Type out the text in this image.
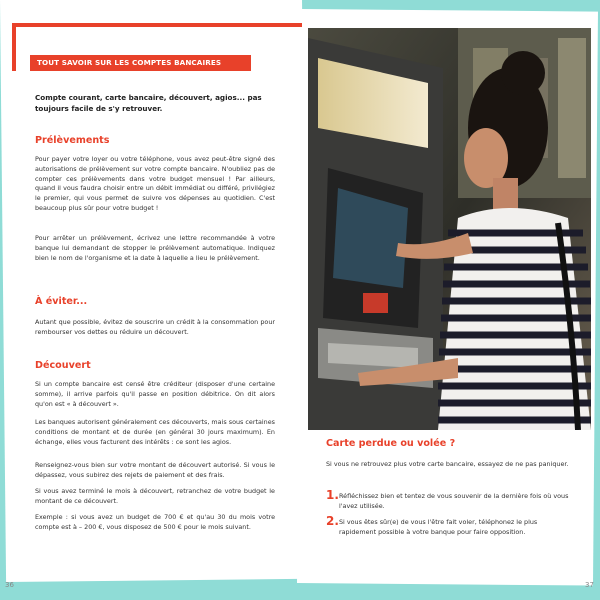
TOUT SAVOIR SUR LES COMPTES BANCAIRES
Compte courant, carte bancaire, découvert, agios... pas toujours facile de s'y retrouver.
Prélèvements

Pour payer votre loyer ou votre téléphone, vous avez peut-être signé des autorisations de prélèvement sur votre compte bancaire. N'oubliez pas de compter ces prélèvements dans votre budget mensuel ! Par ailleurs, quand il vous faudra choisir entre un débit immédiat ou différé, privilégiez le premier, qui vous permet de suivre vos dépenses au quotidien. C'est beaucoup plus sûr pour votre budget !

Pour arrêter un prélèvement, écrivez une lettre recommandée à votre banque lui demandant de stopper le prélèvement automatique. Indiquez bien le nom de l'organisme et la date à laquelle a lieu le prélèvement.

À éviter...

Autant que possible, évitez de souscrire un crédit à la consommation pour rembourser vos dettes ou réduire un découvert.

Découvert

Si un compte bancaire est censé être créditeur (disposer d'une certaine somme), il arrive parfois qu'il passe en position débitrice. On dit alors qu'on est « à découvert ».

Les banques autorisent généralement ces découverts, mais sous certaines conditions de montant et de durée (en général 30 jours maximum). En échange, elles vous facturent des intérêts : ce sont les agios.

Renseignez-vous bien sur votre montant de découvert autorisé. Si vous le dépassez, vous subirez des rejets de paiement et des frais.

Si vous avez terminé le mois à découvert, retranchez de votre budget le montant de ce découvert.

Exemple : si vous avez un budget de 700 € et qu'au 30 du mois votre compte est à – 200 €, vous disposez de 500 € pour le mois suivant.

36
Carte perdue ou volée ?
Si vous ne retrouvez plus votre carte bancaire, essayez de ne pas paniquer.
1. Réfléchissez bien et tentez de vous souvenir de la dernière fois où vous l'avez utilisée.
2. Si vous êtes sûr(e) de vous l'être fait voler, téléphonez le plus rapidement possible à votre banque pour faire opposition.
37
